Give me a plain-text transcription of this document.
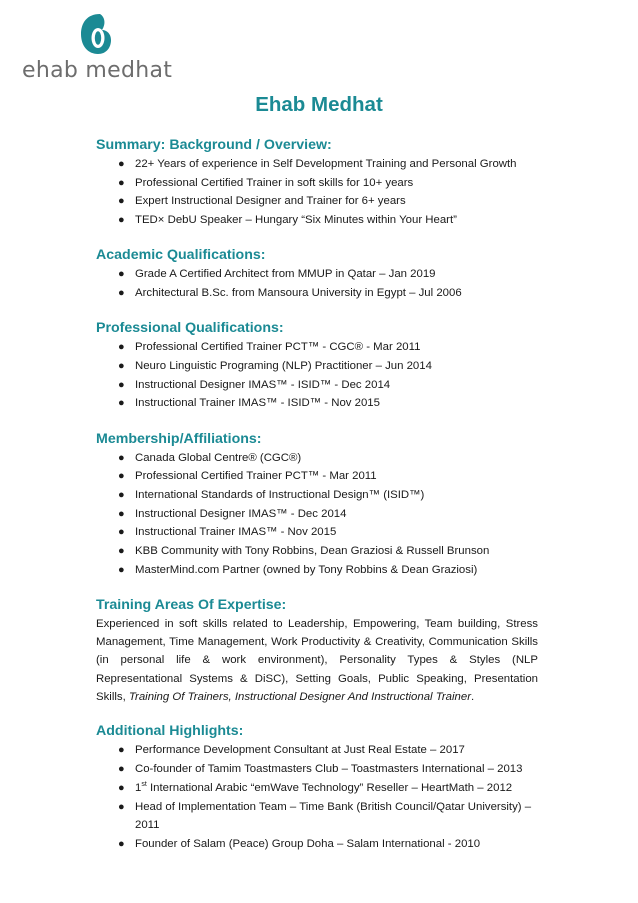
ehab medhat
Ehab Medhat
Summary: Background / Overview:
● 22+ Years of experience in Self Development Training and Personal Growth
● Professional Certified Trainer in soft skills for 10+ years
● Expert Instructional Designer and Trainer for 6+ years
● TED× DebU Speaker – Hungary “Six Minutes within Your Heart”
Academic Qualifications:
● Grade A Certified Architect from MMUP in Qatar – Jan 2019
● Architectural B.Sc. from Mansoura University in Egypt – Jul 2006
Professional Qualifications:
● Professional Certified Trainer PCT™ - CGC® - Mar 2011
● Neuro Linguistic Programing (NLP) Practitioner – Jun 2014
● Instructional Designer IMAS™ - ISID™ - Dec 2014
● Instructional Trainer IMAS™ - ISID™ - Nov 2015
Membership/Affiliations:
● Canada Global Centre® (CGC®)
● Professional Certified Trainer PCT™ - Mar 2011
● International Standards of Instructional Design™ (ISID™)
● Instructional Designer IMAS™ - Dec 2014
● Instructional Trainer IMAS™ - Nov 2015
● KBB Community with Tony Robbins, Dean Graziosi & Russell Brunson
● MasterMind.com Partner (owned by Tony Robbins & Dean Graziosi)
Training Areas Of Expertise:

Experienced in soft skills related to Leadership, Empowering, Team building, Stress Management, Time Management, Work Productivity & Creativity, Communication Skills (in personal life & work environment), Personality Types & Styles (NLP Representational Systems & DiSC), Setting Goals, Public Speaking, Presentation Skills, Training Of Trainers, Instructional Designer And Instructional Trainer.

Additional Highlights:
● Performance Development Consultant at Just Real Estate – 2017
● Co-founder of Tamim Toastmasters Club – Toastmasters International – 2013
● 1st International Arabic “emWave Technology” Reseller – HeartMath – 2012
● Head of Implementation Team – Time Bank (British Council/Qatar University) – 2011
● Founder of Salam (Peace) Group Doha – Salam International - 2010
